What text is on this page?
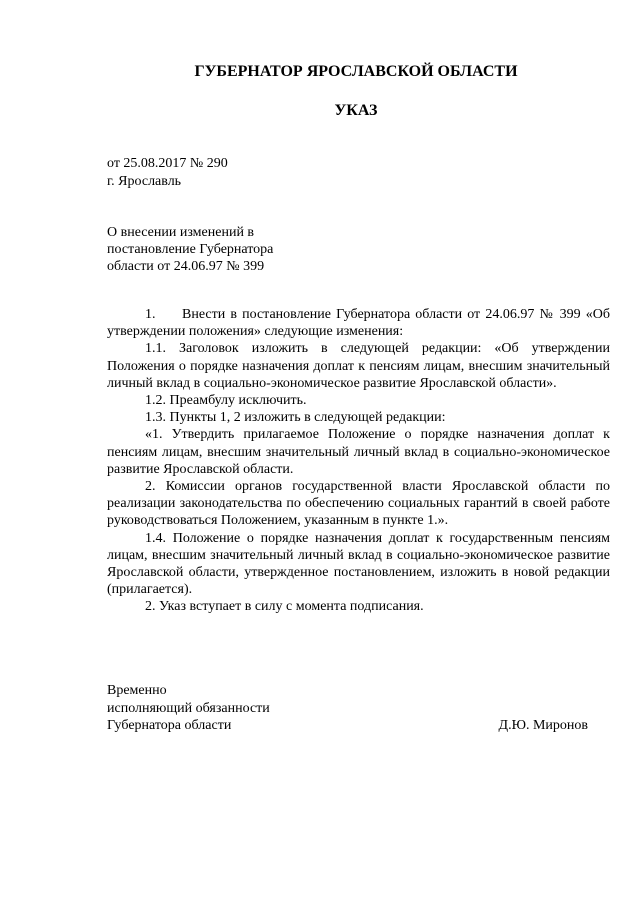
ГУБЕРНАТОР ЯРОСЛАВСКОЙ ОБЛАСТИ
УКАЗ

от 25.08.2017 № 290

г. Ярославль

О внесении изменений в
постановление Губернатора
области от 24.06.97 № 399

1. Внести в постановление Губернатора области от 24.06.97 № 399 «Об утверждении положения» следующие изменения:

1.1. Заголовок изложить в следующей редакции: «Об утверждении Положения о порядке назначения доплат к пенсиям лицам, внесшим значительный личный вклад в социально-экономическое развитие Ярославской области».

1.2. Преамбулу исключить.

1.3. Пункты 1, 2 изложить в следующей редакции:

«1. Утвердить прилагаемое Положение о порядке назначения доплат к пенсиям лицам, внесшим значительный личный вклад в социально-экономическое развитие Ярославской области.

2. Комиссии органов государственной власти Ярославской области по реализации законодательства по обеспечению социальных гарантий в своей работе руководствоваться Положением, указанным в пункте 1.».

1.4. Положение о порядке назначения доплат к государственным пенсиям лицам, внесшим значительный личный вклад в социально-экономическое развитие Ярославской области, утвержденное постановлением, изложить в новой редакции (прилагается).

2. Указ вступает в силу с момента подписания.

Временно
исполняющий обязанности
Губернатора области	Д.Ю. Миронов
